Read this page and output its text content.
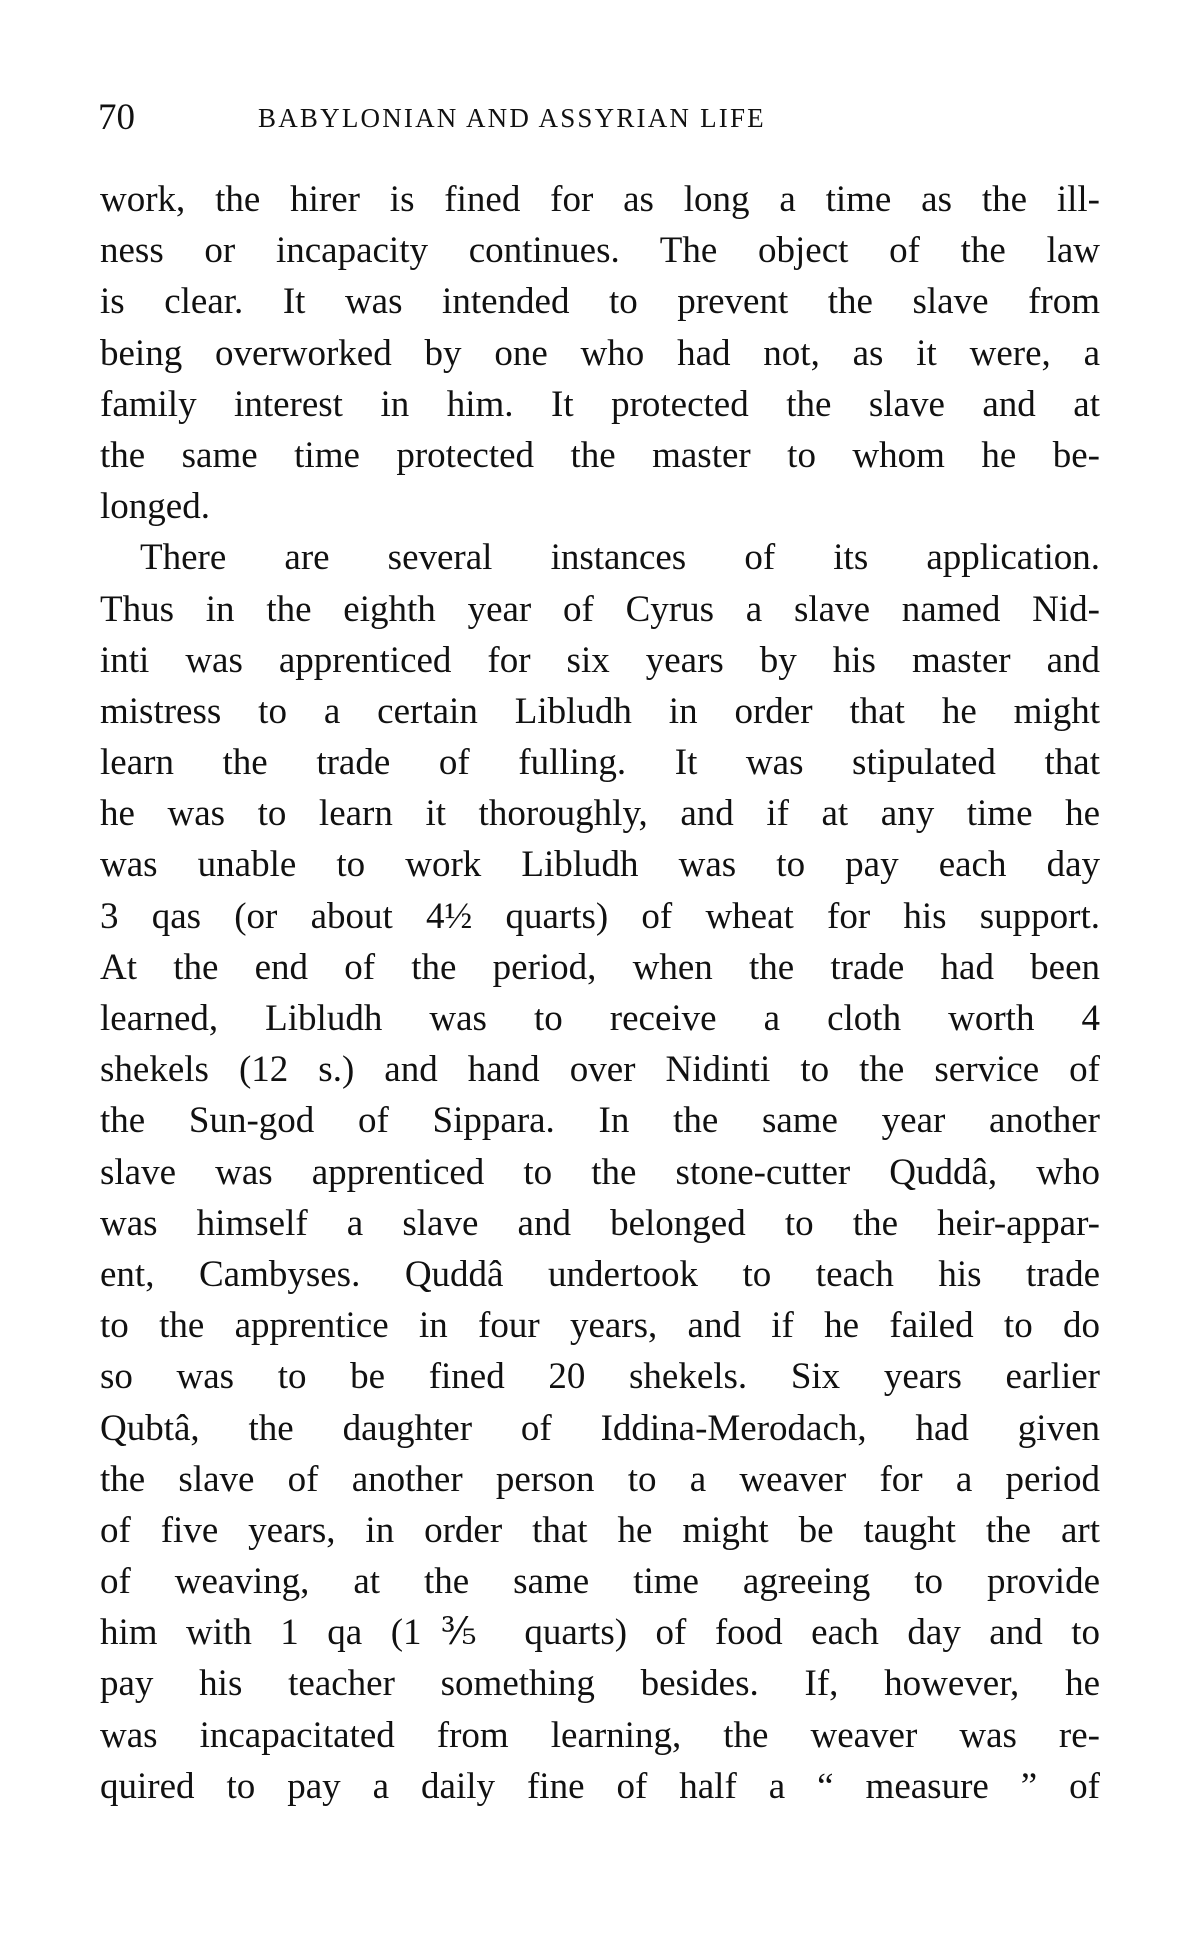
70	BABYLONIAN AND ASSYRIAN LIFE
work, the hirer is fined for as long a time as the ill-
ness or incapacity continues. The object of the law
is clear. It was intended to prevent the slave from
being overworked by one who had not, as it were, a
family interest in him. It protected the slave and at
the same time protected the master to whom he be-
longed.
There are several instances of its application.
Thus in the eighth year of Cyrus a slave named Nid-
inti was apprenticed for six years by his master and
mistress to a certain Libludh in order that he might
learn the trade of fulling. It was stipulated that
he was to learn it thoroughly, and if at any time he
was unable to work Libludh was to pay each day
3 qas (or about 4½ quarts) of wheat for his support.
At the end of the period, when the trade had been
learned, Libludh was to receive a cloth worth 4
shekels (12 s.) and hand over Nidinti to the service of
the Sun-god of Sippara. In the same year another
slave was apprenticed to the stone-cutter Quddâ, who
was himself a slave and belonged to the heir-appar-
ent, Cambyses. Quddâ undertook to teach his trade
to the apprentice in four years, and if he failed to do
so was to be fined 20 shekels. Six years earlier
Qubtâ, the daughter of Iddina-Merodach, had given
the slave of another person to a weaver for a period
of five years, in order that he might be taught the art
of weaving, at the same time agreeing to provide
him with 1 qa (1⅗ quarts) of food each day and to
pay his teacher something besides. If, however, he
was incapacitated from learning, the weaver was re-
quired to pay a daily fine of half a “ measure ” of
